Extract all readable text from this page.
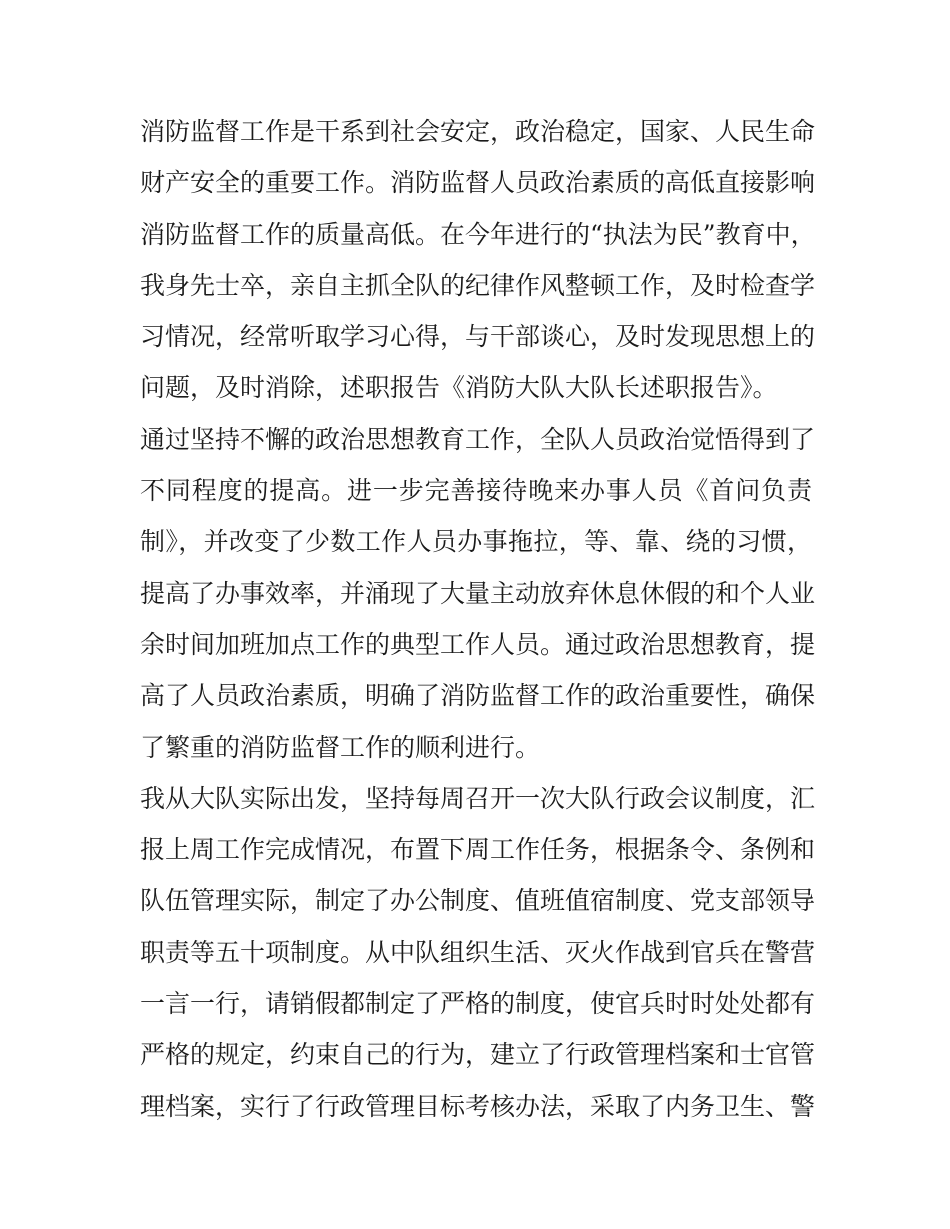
消防监督工作是干系到社会安定，政治稳定，国家、人民生命
财产安全的重要工作。消防监督人员政治素质的高低直接影响
消防监督工作的质量高低。在今年进行的“执法为民”教育中，
我身先士卒，亲自主抓全队的纪律作风整顿工作，及时检查学
习情况，经常听取学习心得，与干部谈心，及时发现思想上的
问题，及时消除，述职报告《消防大队大队长述职报告》。
通过坚持不懈的政治思想教育工作，全队人员政治觉悟得到了
不同程度的提高。进一步完善接待晚来办事人员《首问负责
制》，并改变了少数工作人员办事拖拉，等、靠、绕的习惯，
提高了办事效率，并涌现了大量主动放弃休息休假的和个人业
余时间加班加点工作的典型工作人员。通过政治思想教育，提
高了人员政治素质，明确了消防监督工作的政治重要性，确保
了繁重的消防监督工作的顺利进行。
我从大队实际出发，坚持每周召开一次大队行政会议制度，汇
报上周工作完成情况，布置下周工作任务，根据条令、条例和
队伍管理实际，制定了办公制度、值班值宿制度、党支部领导
职责等五十项制度。从中队组织生活、灭火作战到官兵在警营
一言一行，请销假都制定了严格的制度，使官兵时时处处都有
严格的规定，约束自己的行为，建立了行政管理档案和士官管
理档案，实行了行政管理目标考核办法，采取了内务卫生、警
